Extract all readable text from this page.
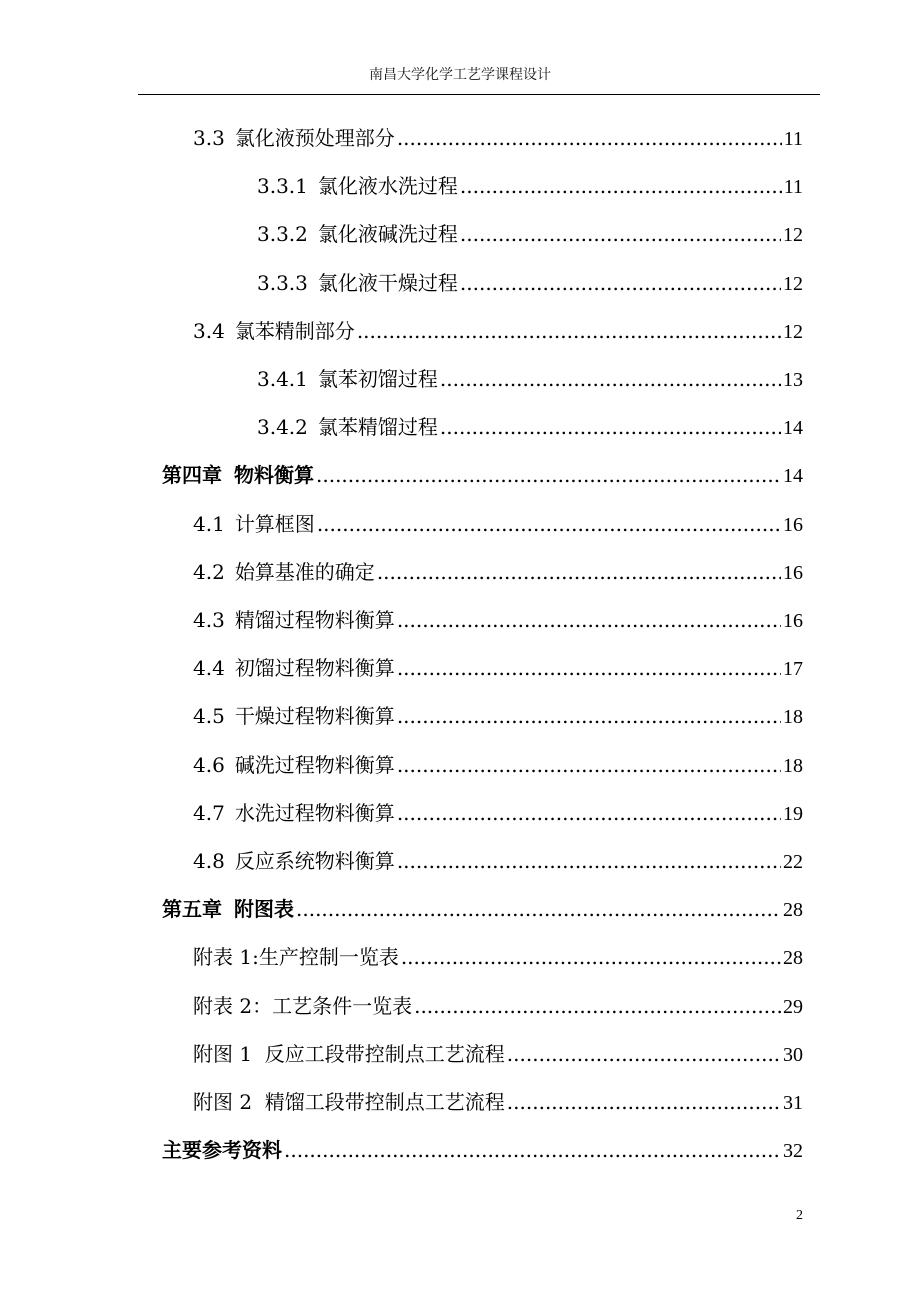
南昌大学化学工艺学课程设计
3.3 氯化液预处理部分 .....	11
3.3.1 氯化液水洗过程 .....	11
3.3.2 氯化液碱洗过程 .....	12
3.3.3 氯化液干燥过程 .....	12
3.4 氯苯精制部分 .....	12
3.4.1 氯苯初馏过程 .....	13
3.4.2 氯苯精馏过程 .....	14
第四章 物料衡算 .....	14
4.1 计算框图 .....	16
4.2 始算基准的确定 .....	16
4.3 精馏过程物料衡算 .....	16
4.4 初馏过程物料衡算 .....	17
4.5 干燥过程物料衡算 .....	18
4.6 碱洗过程物料衡算 .....	18
4.7 水洗过程物料衡算 .....	19
4.8 反应系统物料衡算 .....	22
第五章 附图表 .....	28
附表 1:生产控制一览表 .....	28
附表 2：工艺条件一览表 .....	29
附图 1  反应工段带控制点工艺流程 .....	30
附图 2  精馏工段带控制点工艺流程 .....	31
主要参考资料 .....	32
2
